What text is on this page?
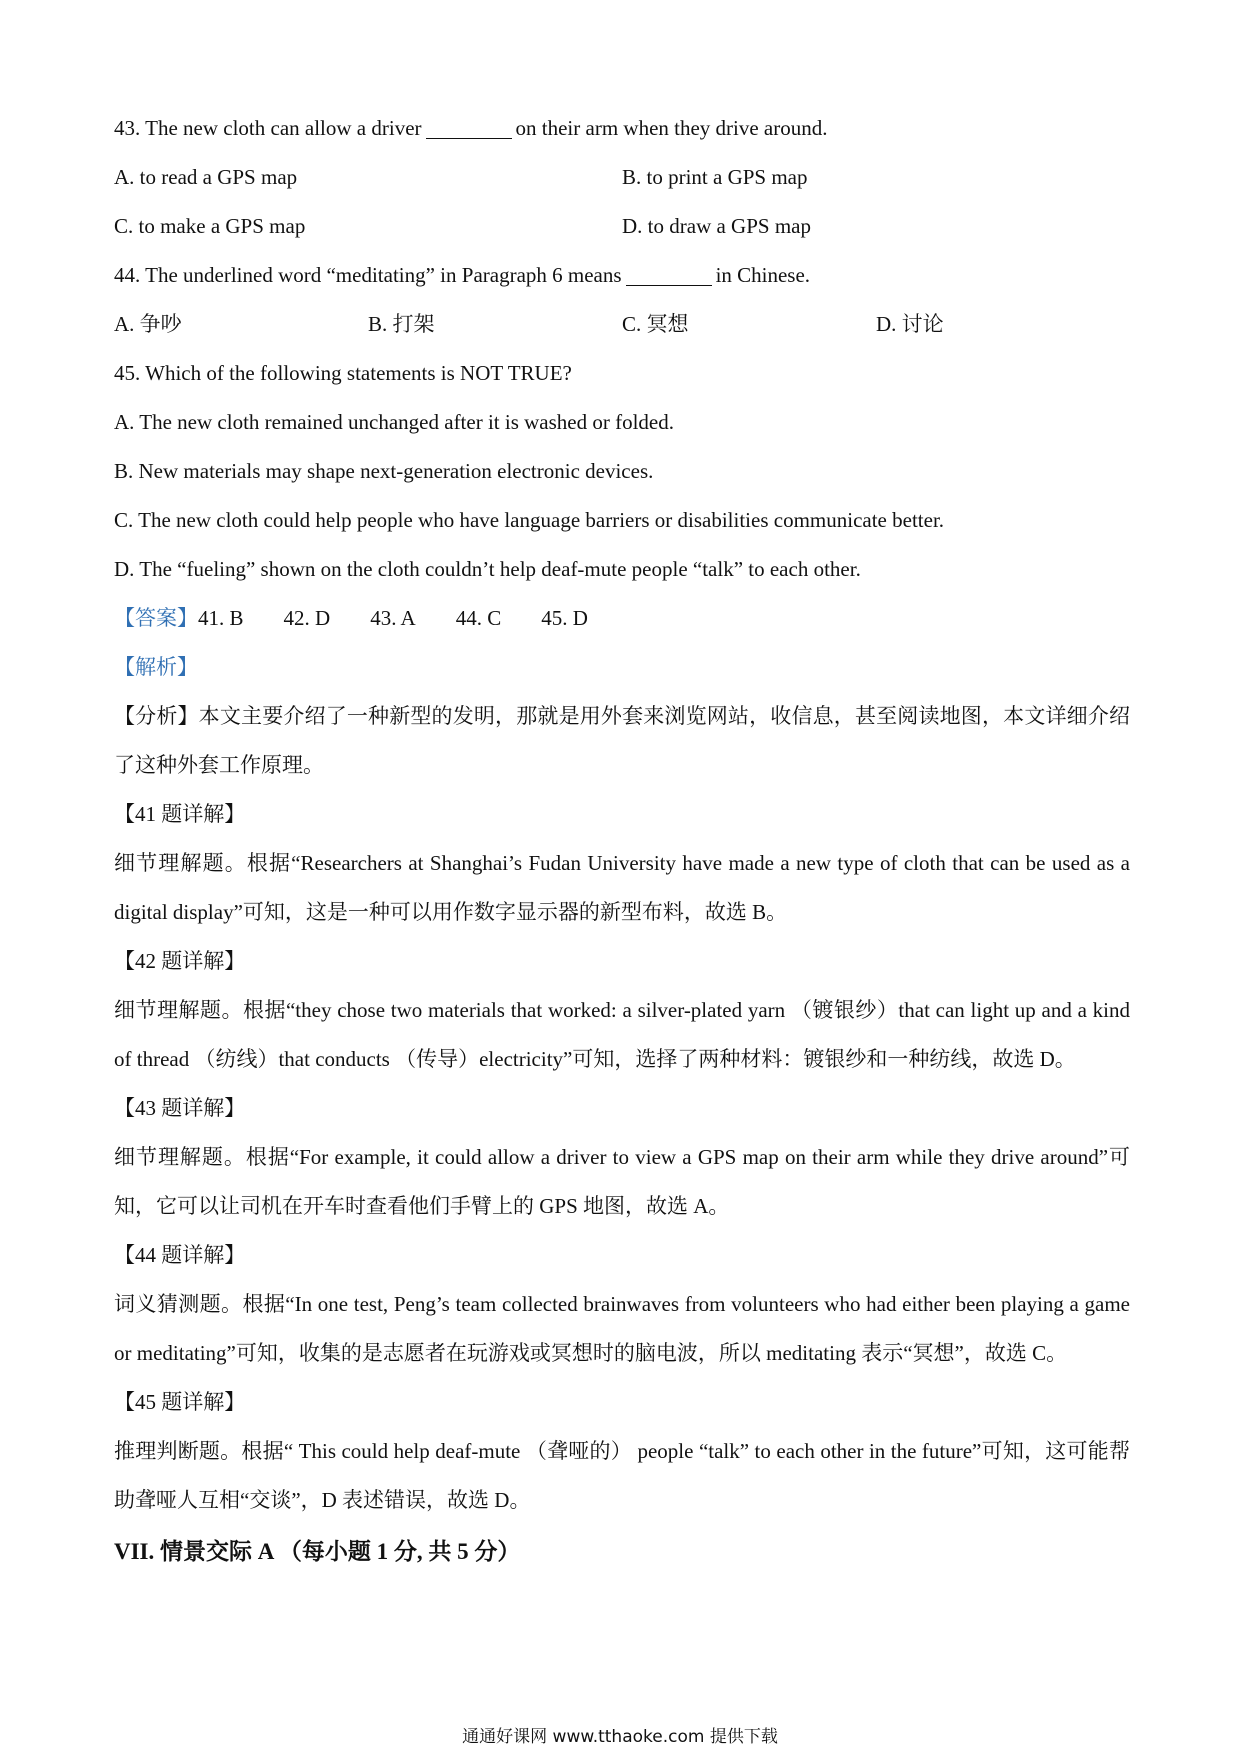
43. The new cloth can allow a driver	on their arm when they drive around.
A. to read a GPS map	B. to print a GPS map
C. to make a GPS map	D. to draw a GPS map
44. The underlined word “meditating” in Paragraph 6 means	in Chinese.
A. 争吵	B. 打架	C. 冥想	D. 讨论
45. Which of the following statements is NOT TRUE?
A. The new cloth remained unchanged after it is washed or folded.
B. New materials may shape next-generation electronic devices.
C. The new cloth could help people who have language barriers or disabilities communicate better.
D. The “fueling” shown on the cloth couldn’t help deaf-mute people “talk” to each other.
【答案】41. B 42. D 43. A 44. C 45. D
【解析】
【分析】本文主要介绍了一种新型的发明，那就是用外套来浏览网站，收信息，甚至阅读地图，本文详细介绍了这种外套工作原理。
【41 题详解】
细节理解题。根据“Researchers at Shanghai’s Fudan University have made a new type of cloth that can be used as a digital display”可知，这是一种可以用作数字显示器的新型布料，故选 B。
【42 题详解】
细节理解题。根据“they chose two materials that worked: a silver-plated yarn （镀银纱）that can light up and a kind of thread （纺线）that conducts （传导）electricity”可知，选择了两种材料：镀银纱和一种纺线，故选 D。
【43 题详解】
细节理解题。根据“For example, it could allow a driver to view a GPS map on their arm while they drive around”可知，它可以让司机在开车时查看他们手臂上的 GPS 地图，故选 A。
【44 题详解】
词义猜测题。根据“In one test, Peng’s team collected brainwaves from volunteers who had either been playing a game or meditating”可知，收集的是志愿者在玩游戏或冥想时的脑电波，所以 meditating 表示“冥想”，故选 C。
【45 题详解】
推理判断题。根据“ This could help deaf-mute （聋哑的） people “talk” to each other in the future”可知，这可能帮助聋哑人互相“交谈”，D 表述错误，故选 D。
VII. 情景交际 A （每小题 1 分, 共 5 分）
通通好课网 www.tthaoke.com 提供下载
